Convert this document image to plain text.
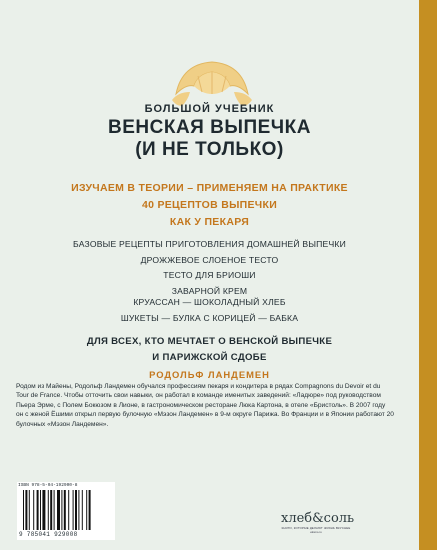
БОЛЬШОЙ УЧЕБНИК
ВЕНСКАЯ ВЫПЕЧКА
(И НЕ ТОЛЬКО)
ИЗУЧАЕМ В ТЕОРИИ – ПРИМЕНЯЕМ НА ПРАКТИКЕ
40 РЕЦЕПТОВ ВЫПЕЧКИ
КАК У ПЕКАРЯ
БАЗОВЫЕ РЕЦЕПТЫ ПРИГОТОВЛЕНИЯ ДОМАШНЕЙ ВЫПЕЧКИ
ДРОЖЖЕВОЕ СЛОЕНОЕ ТЕСТО
ТЕСТО ДЛЯ БРИОШИ
ЗАВАРНОЙ КРЕМ
КРУАССАН — ШОКОЛАДНЫЙ ХЛЕБ
ШУКЕТЫ — БУЛКА С КОРИЦЕЙ — БАБКА
ДЛЯ ВСЕХ, КТО МЕЧТАЕТ О ВЕНСКОЙ ВЫПЕЧКЕ
И ПАРИЖСКОЙ СДОБЕ
РОДОЛЬФ ЛАНДЕМЕН
Родом из Майены, Родольф Ландемен обучался профессиям пекаря и кондитера в рядах Compagnons du Devoir et du Tour de France. Чтобы отточить свои навыки, он работал в команде именитых заведений: «Ладюре» под руководством Пьера Эрме, с Полем Бокюзом в Лионе, в гастрономическом ресторане Люка Картона, в отеле «Бристоль». В 2007 году он с женой Ёшими открыл первую булочную «Мэзон Ландемен» в 9-м округе Парижа. Во Франции и в Японии работают 20 булочных «Мэзон Ландемен».
ISBN 978-5-04-192900-8
9 785041 929008
хлеб&соль
КНИГИ, КОТОРЫЕ ДЕЛАЮТ ЖИЗНЬ ВКУСНЕЕ
eksmo.ru
